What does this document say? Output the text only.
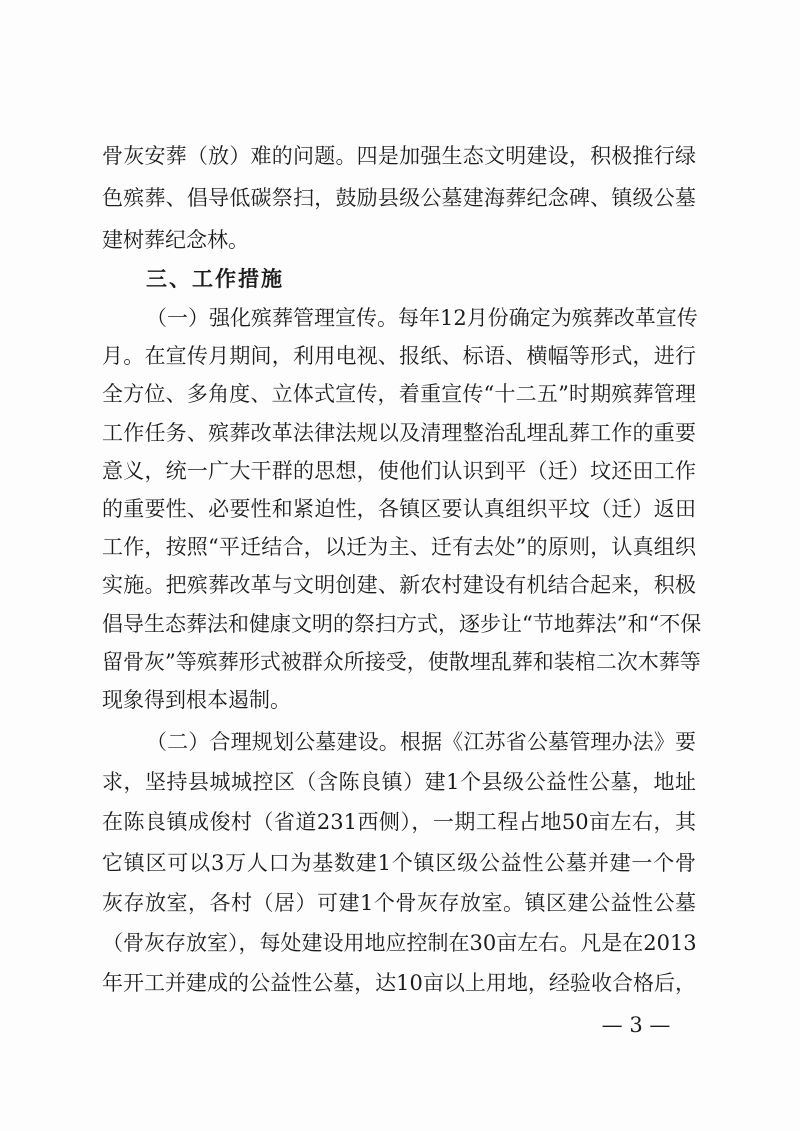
骨灰安葬（放）难的问题。四是加强生态文明建设，积极推行绿
色殡葬、倡导低碳祭扫，鼓励县级公墓建海葬纪念碑、镇级公墓
建树葬纪念林。
三、工作措施
（一）强化殡葬管理宣传。每年12月份确定为殡葬改革宣传
月。在宣传月期间，利用电视、报纸、标语、横幅等形式，进行
全方位、多角度、立体式宣传，着重宣传“十二五”时期殡葬管理
工作任务、殡葬改革法律法规以及清理整治乱埋乱葬工作的重要
意义，统一广大干群的思想，使他们认识到平（迁）坟还田工作
的重要性、必要性和紧迫性，各镇区要认真组织平坟（迁）返田
工作，按照“平迁结合，以迁为主、迁有去处”的原则，认真组织
实施。把殡葬改革与文明创建、新农村建设有机结合起来，积极
倡导生态葬法和健康文明的祭扫方式，逐步让“节地葬法”和“不保
留骨灰”等殡葬形式被群众所接受，使散埋乱葬和装棺二次木葬等
现象得到根本遏制。
（二）合理规划公墓建设。根据《江苏省公墓管理办法》要
求，坚持县城城控区（含陈良镇）建1个县级公益性公墓，地址
在陈良镇成俊村（省道231西侧），一期工程占地50亩左右，其
它镇区可以3万人口为基数建1个镇区级公益性公墓并建一个骨
灰存放室，各村（居）可建1个骨灰存放室。镇区建公益性公墓
（骨灰存放室），每处建设用地应控制在30亩左右。凡是在2013
年开工并建成的公益性公墓，达10亩以上用地，经验收合格后，
— 3 —
